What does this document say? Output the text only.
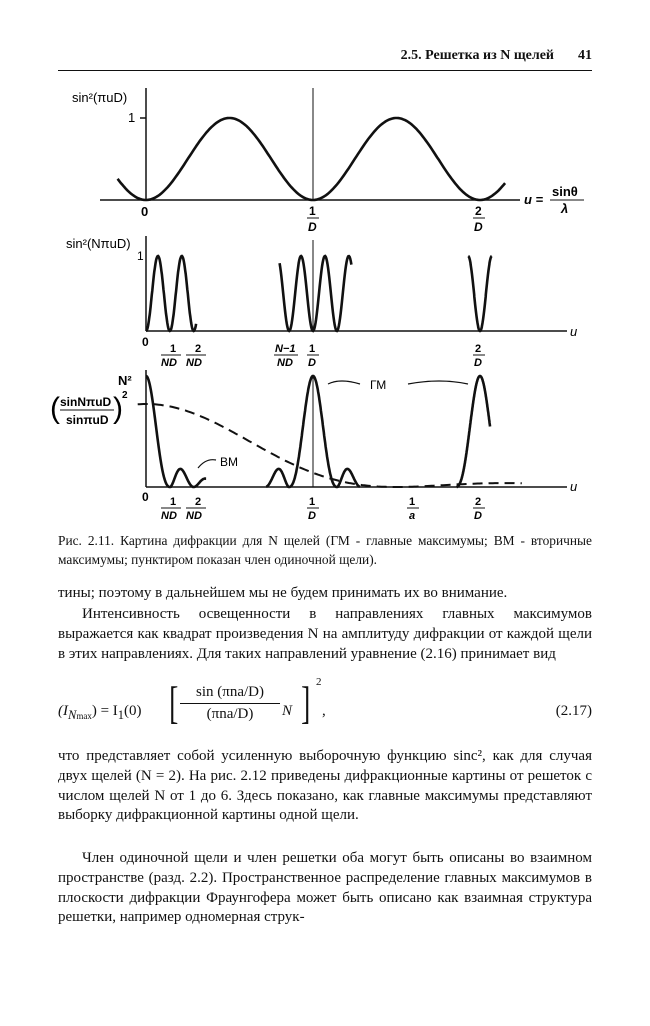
2.5. Решетка из N щелей 41
sin²(πuD)
1
0	1
D
2
D
u =
sinθ
λ
sin²(NπuD)
1
u
0 1
ND
2
ND
N−1
ND
1
D
2
D
N²
( sinNπuD
sinπuD ) 2
ГМ
ВМ
u
0 1
ND
2
ND
1
D
1
a
2
D
Рис. 2.11. Картина дифракции для N щелей (ГМ - главные максимумы; ВМ - вторичные максимумы; пунктиром показан член одиночной щели).
тины; поэтому в дальнейшем мы не будем принимать их во внимание.
Интенсивность освещенности в направлениях главных максимумов выражается как квадрат произведения N на амплитуду дифракции от каждой щели в этих направлениях. Для таких направлений уравнение (2.16) принимает вид
$(I_{Nmax}) = I_1(0)$ [	sin (πna/D)
(πna/D)	N ] 2
,	(2.17)
что представляет собой усиленную выборочную функцию sinc², как для случая двух щелей (N = 2). На рис. 2.12 приведены дифракционные картины от решеток с числом щелей N от 1 до 6. Здесь показано, как главные максимумы представляют выборку дифракционной картины одной щели.
Член одиночной щели и член решетки оба могут быть описаны во взаимном пространстве (разд. 2.2). Пространственное распределение главных максимумов в плоскости дифракции Фраунгофера может быть описано как взаимная структура решетки, например одномерная струк-
